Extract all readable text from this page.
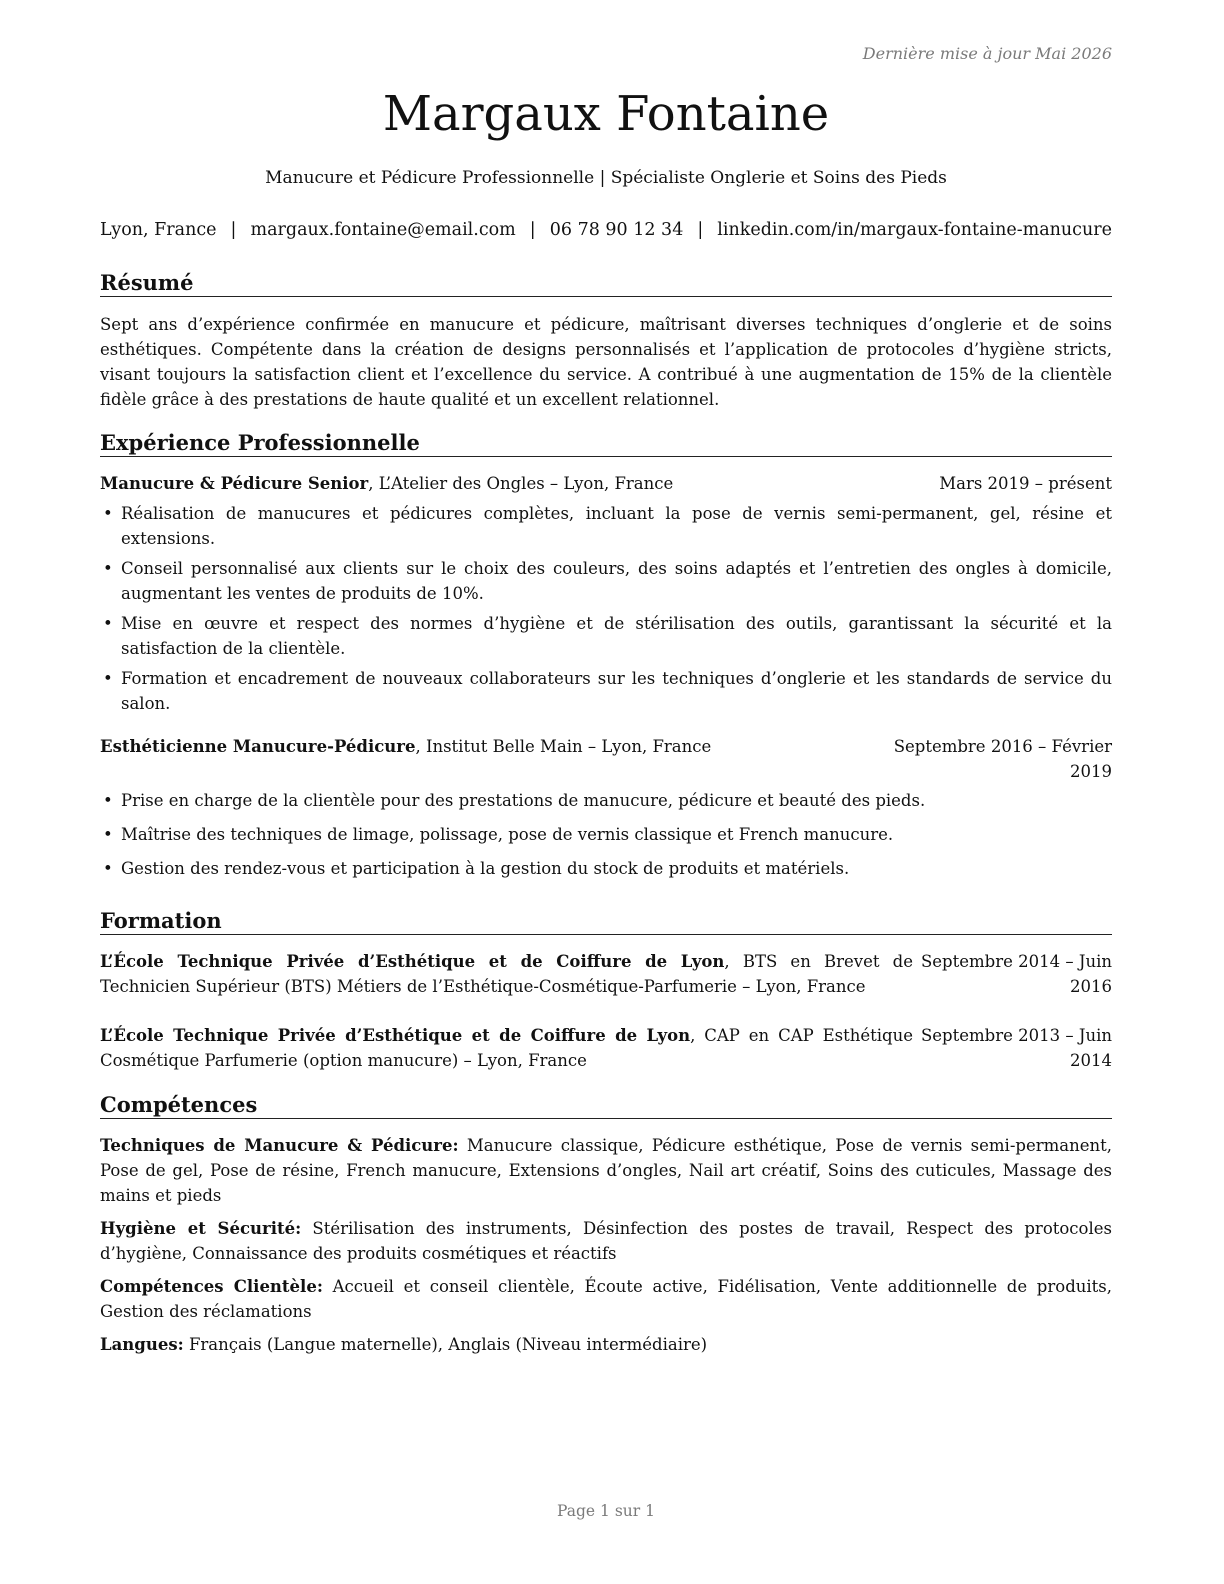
Dernière mise à jour Mai 2026
Margaux Fontaine
Manucure et Pédicure Professionnelle | Spécialiste Onglerie et Soins des Pieds
Lyon, France | margaux.fontaine@email.com | 06 78 90 12 34 | linkedin.com/in/margaux-fontaine-manucure
Résumé

Sept ans d’expérience confirmée en manucure et pédicure, maîtrisant diverses techniques d’onglerie et de soins esthétiques. Compétente dans la création de designs personnalisés et l’application de protocoles d’hygiène stricts, visant toujours la satisfaction client et l’excellence du service. A contribué à une augmentation de 15% de la clientèle fidèle grâce à des prestations de haute qualité et un excellent relationnel.

Expérience Professionnelle
Manucure & Pédicure Senior, L’Atelier des Ongles – Lyon, France	Mars 2019 – présent
• Réalisation de manucures et pédicures complètes, incluant la pose de vernis semi-permanent, gel, résine et extensions.
• Conseil personnalisé aux clients sur le choix des couleurs, des soins adaptés et l’entretien des ongles à domicile, augmentant les ventes de produits de 10%.
• Mise en œuvre et respect des normes d’hygiène et de stérilisation des outils, garantissant la sécurité et la satisfaction de la clientèle.
• Formation et encadrement de nouveaux collaborateurs sur les techniques d’onglerie et les standards de service du salon.
Esthéticienne Manucure-Pédicure, Institut Belle Main – Lyon, France	Septembre 2016 – Février
2019
• Prise en charge de la clientèle pour des prestations de manucure, pédicure et beauté des pieds.
• Maîtrise des techniques de limage, polissage, pose de vernis classique et French manucure.
• Gestion des rendez-vous et participation à la gestion du stock de produits et matériels.
Formation
L’École Technique Privée d’Esthétique et de Coiffure de Lyon, BTS en Brevet de Technicien Supérieur (BTS) Métiers de l’Esthétique-Cosmétique-Parfumerie – Lyon, France
Septembre 2014 – Juin
2016
L’École Technique Privée d’Esthétique et de Coiffure de Lyon, CAP en CAP Esthétique Cosmétique Parfumerie (option manucure) – Lyon, France
Septembre 2013 – Juin
2014
Compétences
Techniques de Manucure & Pédicure: Manucure classique, Pédicure esthétique, Pose de vernis semi-permanent, Pose de gel, Pose de résine, French manucure, Extensions d’ongles, Nail art créatif, Soins des cuticules, Massage des mains et pieds
Hygiène et Sécurité: Stérilisation des instruments, Désinfection des postes de travail, Respect des protocoles d’hygiène, Connaissance des produits cosmétiques et réactifs
Compétences Clientèle: Accueil et conseil clientèle, Écoute active, Fidélisation, Vente additionnelle de produits, Gestion des réclamations
Langues: Français (Langue maternelle), Anglais (Niveau intermédiaire)
Page 1 sur 1
